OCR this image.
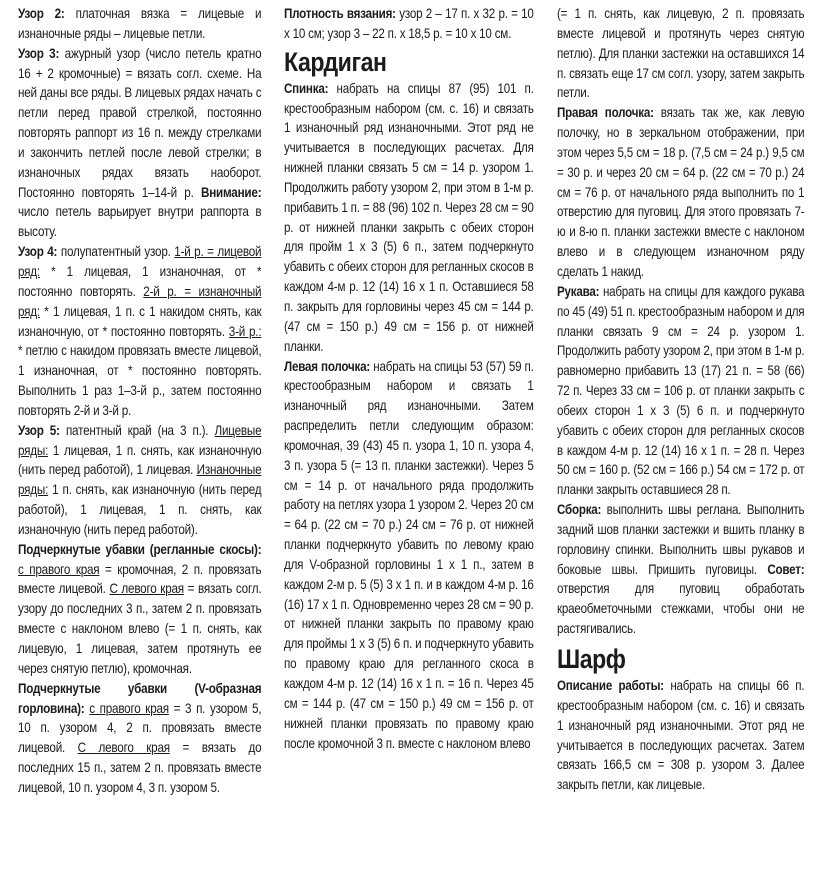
Узор 2: платочная вязка = лицевые и изнаночные ряды – лицевые петли.

Узор 3: ажурный узор (число петель кратно 16 + 2 кромочные) = вязать согл. схеме. На ней даны все ряды. В лицевых рядах начать с петли перед правой стрелкой, постоянно повторять раппорт из 16 п. между стрелками и закончить петлей после левой стрелки; в изнаночных рядах вязать наоборот. Постоянно повторять 1–14-й р. Внимание: число петель варьирует внутри раппорта в высоту.

Узор 4: полупатентный узор. 1-й р. = лицевой ряд: * 1 лицевая, 1 изнаночная, от * постоянно повторять. 2-й р. = изнаночный ряд: * 1 лицевая, 1 п. с 1 накидом снять, как изнаночную, от * постоянно повторять. 3-й р.: * петлю с накидом провязать вместе лицевой, 1 изнаночная, от * постоянно повторять. Выполнить 1 раз 1–3-й р., затем постоянно повторять 2-й и 3-й р.

Узор 5: патентный край (на 3 п.). Лицевые ряды: 1 лицевая, 1 п. снять, как изнаночную (нить перед работой), 1 лицевая. Изнаночные ряды: 1 п. снять, как изнаночную (нить перед работой), 1 лицевая, 1 п. снять, как изнаночную (нить перед работой).

Подчеркнутые убавки (регланные скосы): с правого края = кромочная, 2 п. провязать вместе лицевой. С левого края = вязать согл. узору до последних 3 п., затем 2 п. провязать вместе с наклоном влево (= 1 п. снять, как лицевую, 1 лицевая, затем протянуть ее через снятую петлю), кромочная.

Подчеркнутые убавки (V-образная горловина): с правого края = 3 п. узором 5, 10 п. узором 4, 2 п. провязать вместе лицевой. С левого края = вязать до последних 15 п., затем 2 п. провязать вместе лицевой, 10 п. узором 4, 3 п. узором 5.

Плотность вязания: узор 2 – 17 п. х 32 р. = 10 х 10 см; узор 3 – 22 п. х 18,5 р. = 10 х 10 см.

Кардиган

Спинка: набрать на спицы 87 (95) 101 п. крестообразным набором (см. с. 16) и связать 1 изнаночный ряд изнаночными. Этот ряд не учитывается в последующих расчетах. Для нижней планки связать 5 см = 14 р. узором 1. Продолжить работу узором 2, при этом в 1-м р. прибавить 1 п. = 88 (96) 102 п. Через 28 см = 90 р. от нижней планки закрыть с обеих сторон для пройм 1 х 3 (5) 6 п., затем подчеркнуто убавить с обеих сторон для регланных скосов в каждом 4-м р. 12 (14) 16 х 1 п. Оставшиеся 58 п. закрыть для горловины через 45 см = 144 р. (47 см = 150 р.) 49 см = 156 р. от нижней планки.

Левая полочка: набрать на спицы 53 (57) 59 п. крестообразным набором и связать 1 изнаночный ряд изнаночными. Затем распределить петли следующим образом: кромочная, 39 (43) 45 п. узора 1, 10 п. узора 4, 3 п. узора 5 (= 13 п. планки застежки). Через 5 см = 14 р. от начального ряда продолжить работу на петлях узора 1 узором 2. Через 20 см = 64 р. (22 см = 70 р.) 24 см = 76 р. от нижней планки подчеркнуто убавить по левому краю для V-образной горловины 1 х 1 п., затем в каждом 2-м р. 5 (5) 3 х 1 п. и в каждом 4-м р. 16 (16) 17 х 1 п. Одновременно через 28 см = 90 р. от нижней планки закрыть по правому краю для проймы 1 х 3 (5) 6 п. и подчеркнуто убавить по правому краю для регланного скоса в каждом 4-м р. 12 (14) 16 х 1 п. = 16 п. Через 45 см = 144 р. (47 см = 150 р.) 49 см = 156 р. от нижней планки провязать по правому краю после кромочной 3 п. вместе с наклоном влево

(= 1 п. снять, как лицевую, 2 п. провязать вместе лицевой и протянуть через снятую петлю). Для планки застежки на оставшихся 14 п. связать еще 17 см согл. узору, затем закрыть петли.

Правая полочка: вязать так же, как левую полочку, но в зеркальном отображении, при этом через 5,5 см = 18 р. (7,5 см = 24 р.) 9,5 см = 30 р. и через 20 см = 64 р. (22 см = 70 р.) 24 см = 76 р. от начального ряда выполнить по 1 отверстию для пуговиц. Для этого провязать 7-ю и 8-ю п. планки застежки вместе с наклоном влево и в следующем изнаночном ряду сделать 1 накид.

Рукава: набрать на спицы для каждого рукава по 45 (49) 51 п. крестообразным набором и для планки связать 9 см = 24 р. узором 1. Продолжить работу узором 2, при этом в 1-м р. равномерно прибавить 13 (17) 21 п. = 58 (66) 72 п. Через 33 см = 106 р. от планки закрыть с обеих сторон 1 х 3 (5) 6 п. и подчеркнуто убавить с обеих сторон для регланных скосов в каждом 4-м р. 12 (14) 16 х 1 п. = 28 п. Через 50 см = 160 р. (52 см = 166 р.) 54 см = 172 р. от планки закрыть оставшиеся 28 п.

Сборка: выполнить швы реглана. Выполнить задний шов планки застежки и вшить планку в горловину спинки. Выполнить швы рукавов и боковые швы. Пришить пуговицы. Совет: отверстия для пуговиц обработать краеобметочными стежками, чтобы они не растягивались.

Шарф

Описание работы: набрать на спицы 66 п. крестообразным набором (см. с. 16) и связать 1 изнаночный ряд изнаночными. Этот ряд не учитывается в последующих расчетах. Затем связать 166,5 см = 308 р. узором 3. Далее закрыть петли, как лицевые.
